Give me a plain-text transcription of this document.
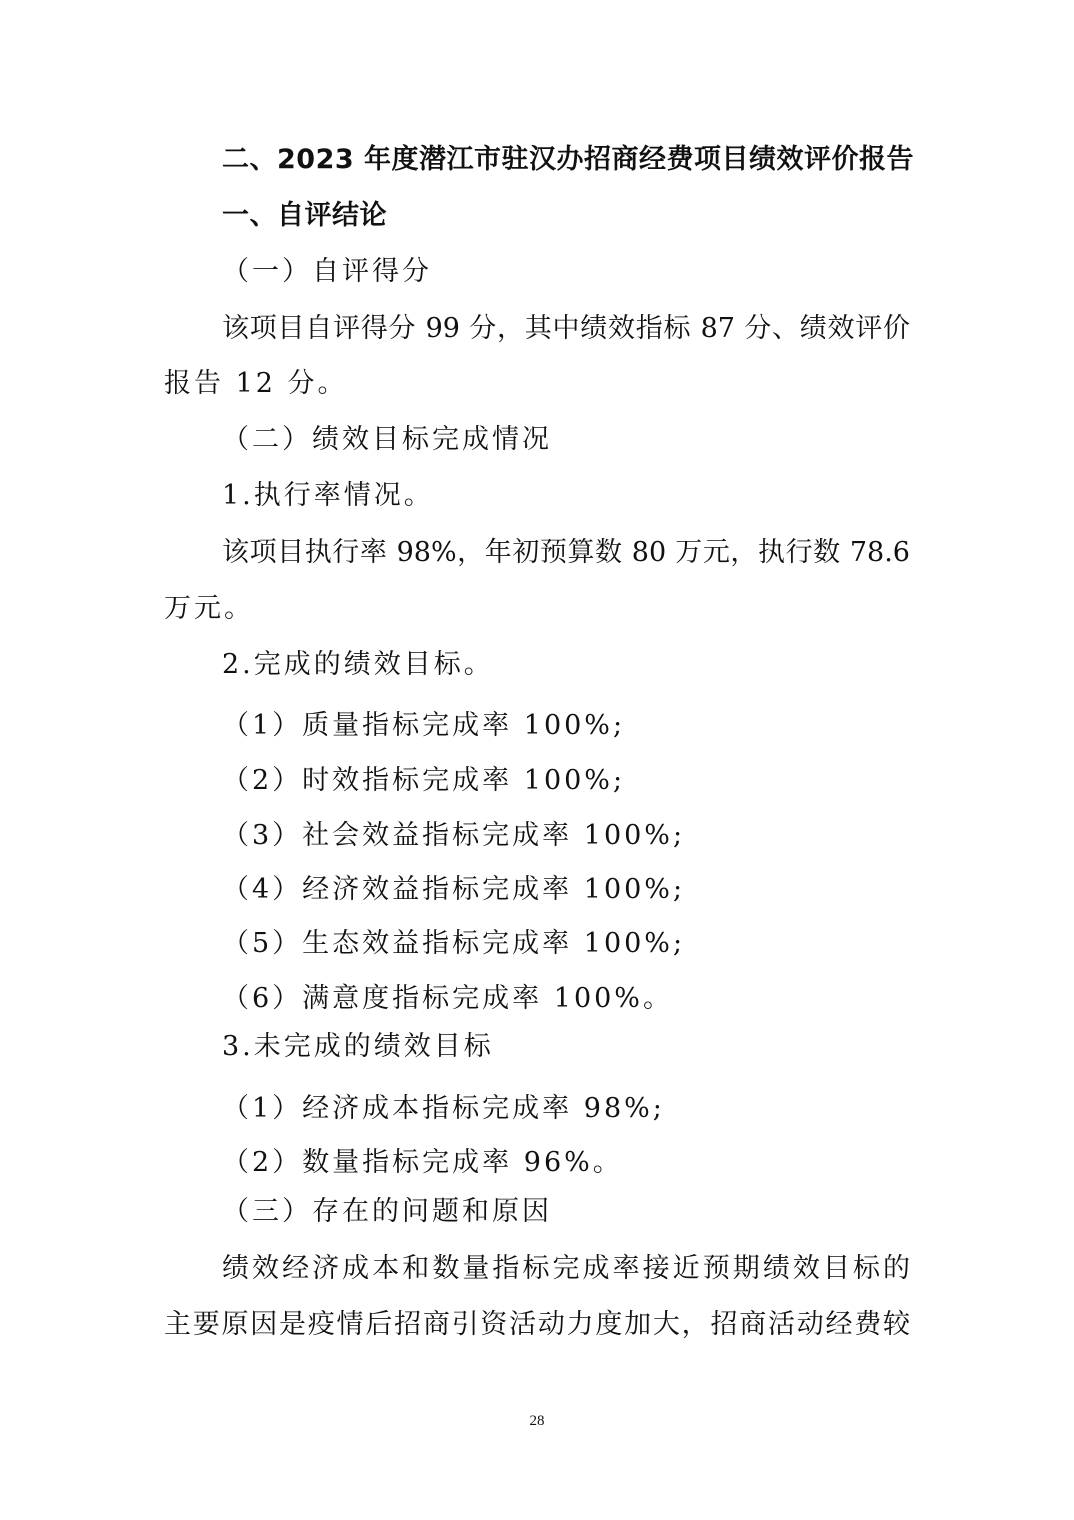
二、2023 年度潜江市驻汉办招商经费项目绩效评价报告
一、自评结论
（一）自评得分
该项目自评得分 99 分，其中绩效指标 87 分、绩效评价
报告 12 分。
（二）绩效目标完成情况
1.执行率情况。
该项目执行率 98%，年初预算数 80 万元，执行数 78.6
万元。
2.完成的绩效目标。
（1）质量指标完成率 100%;
（2）时效指标完成率 100%;
（3）社会效益指标完成率 100%;
（4）经济效益指标完成率 100%;
（5）生态效益指标完成率 100%;
（6）满意度指标完成率 100%。
3.未完成的绩效目标
（1）经济成本指标完成率 98%;
（2）数量指标完成率 96%。
（三）存在的问题和原因
绩效经济成本和数量指标完成率接近预期绩效目标的
主要原因是疫情后招商引资活动力度加大，招商活动经费较
28
